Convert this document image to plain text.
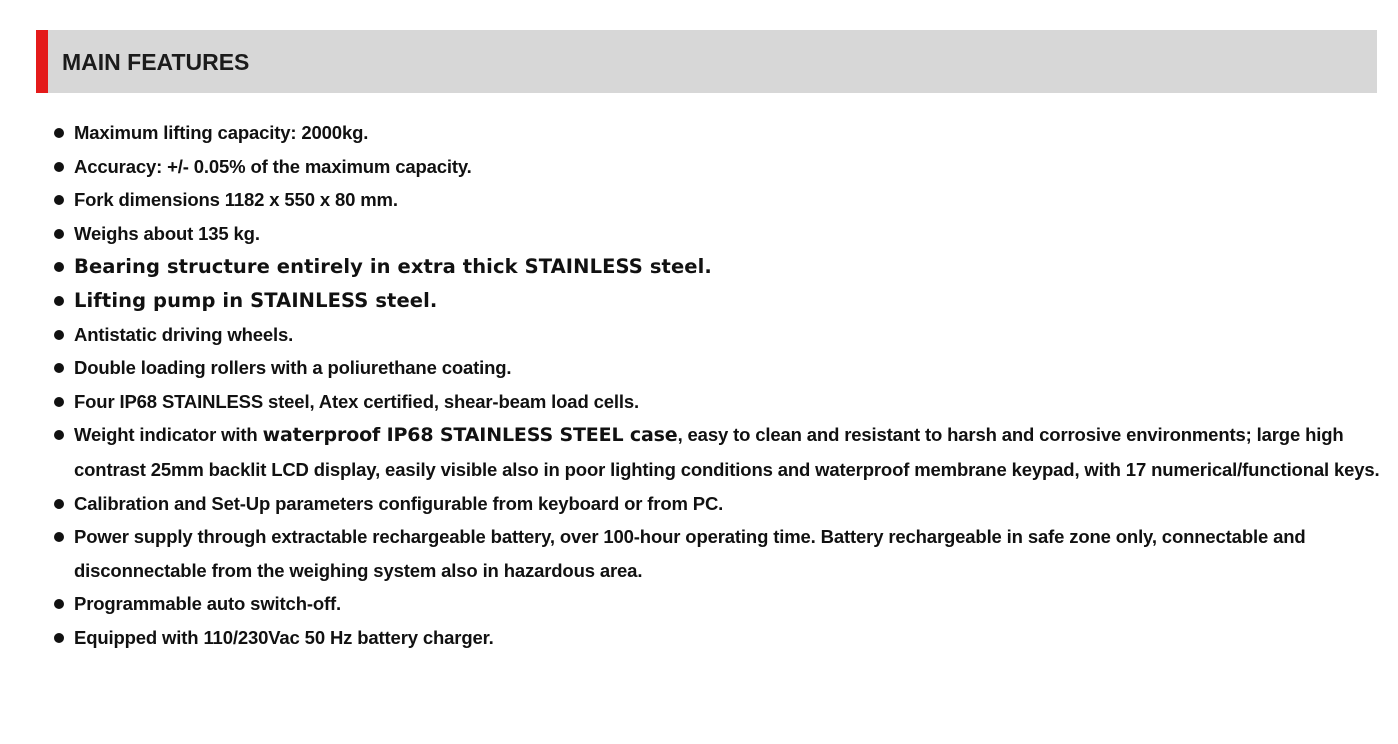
MAIN FEATURES
Maximum lifting capacity: 2000kg.
Accuracy: +/- 0.05% of the maximum capacity.
Fork dimensions 1182 x 550 x 80 mm.
Weighs about 135 kg.
Bearing structure entirely in extra thick STAINLESS steel.
Lifting pump in STAINLESS steel.
Antistatic driving wheels.
Double loading rollers with a poliurethane coating.
Four IP68 STAINLESS steel, Atex certified, shear-beam load cells.
Weight indicator with waterproof IP68 STAINLESS STEEL case, easy to clean and resistant to harsh and corrosive environments; large high contrast 25mm backlit LCD display, easily visible also in poor lighting conditions and waterproof membrane keypad, with 17 numerical/functional keys.
Calibration and Set-Up parameters configurable from keyboard or from PC.
Power supply through extractable rechargeable battery, over 100-hour operating time. Battery rechargeable in safe zone only, connectable and disconnectable from the weighing system also in hazardous area.
Programmable auto switch-off.
Equipped with 110/230Vac 50 Hz battery charger.
